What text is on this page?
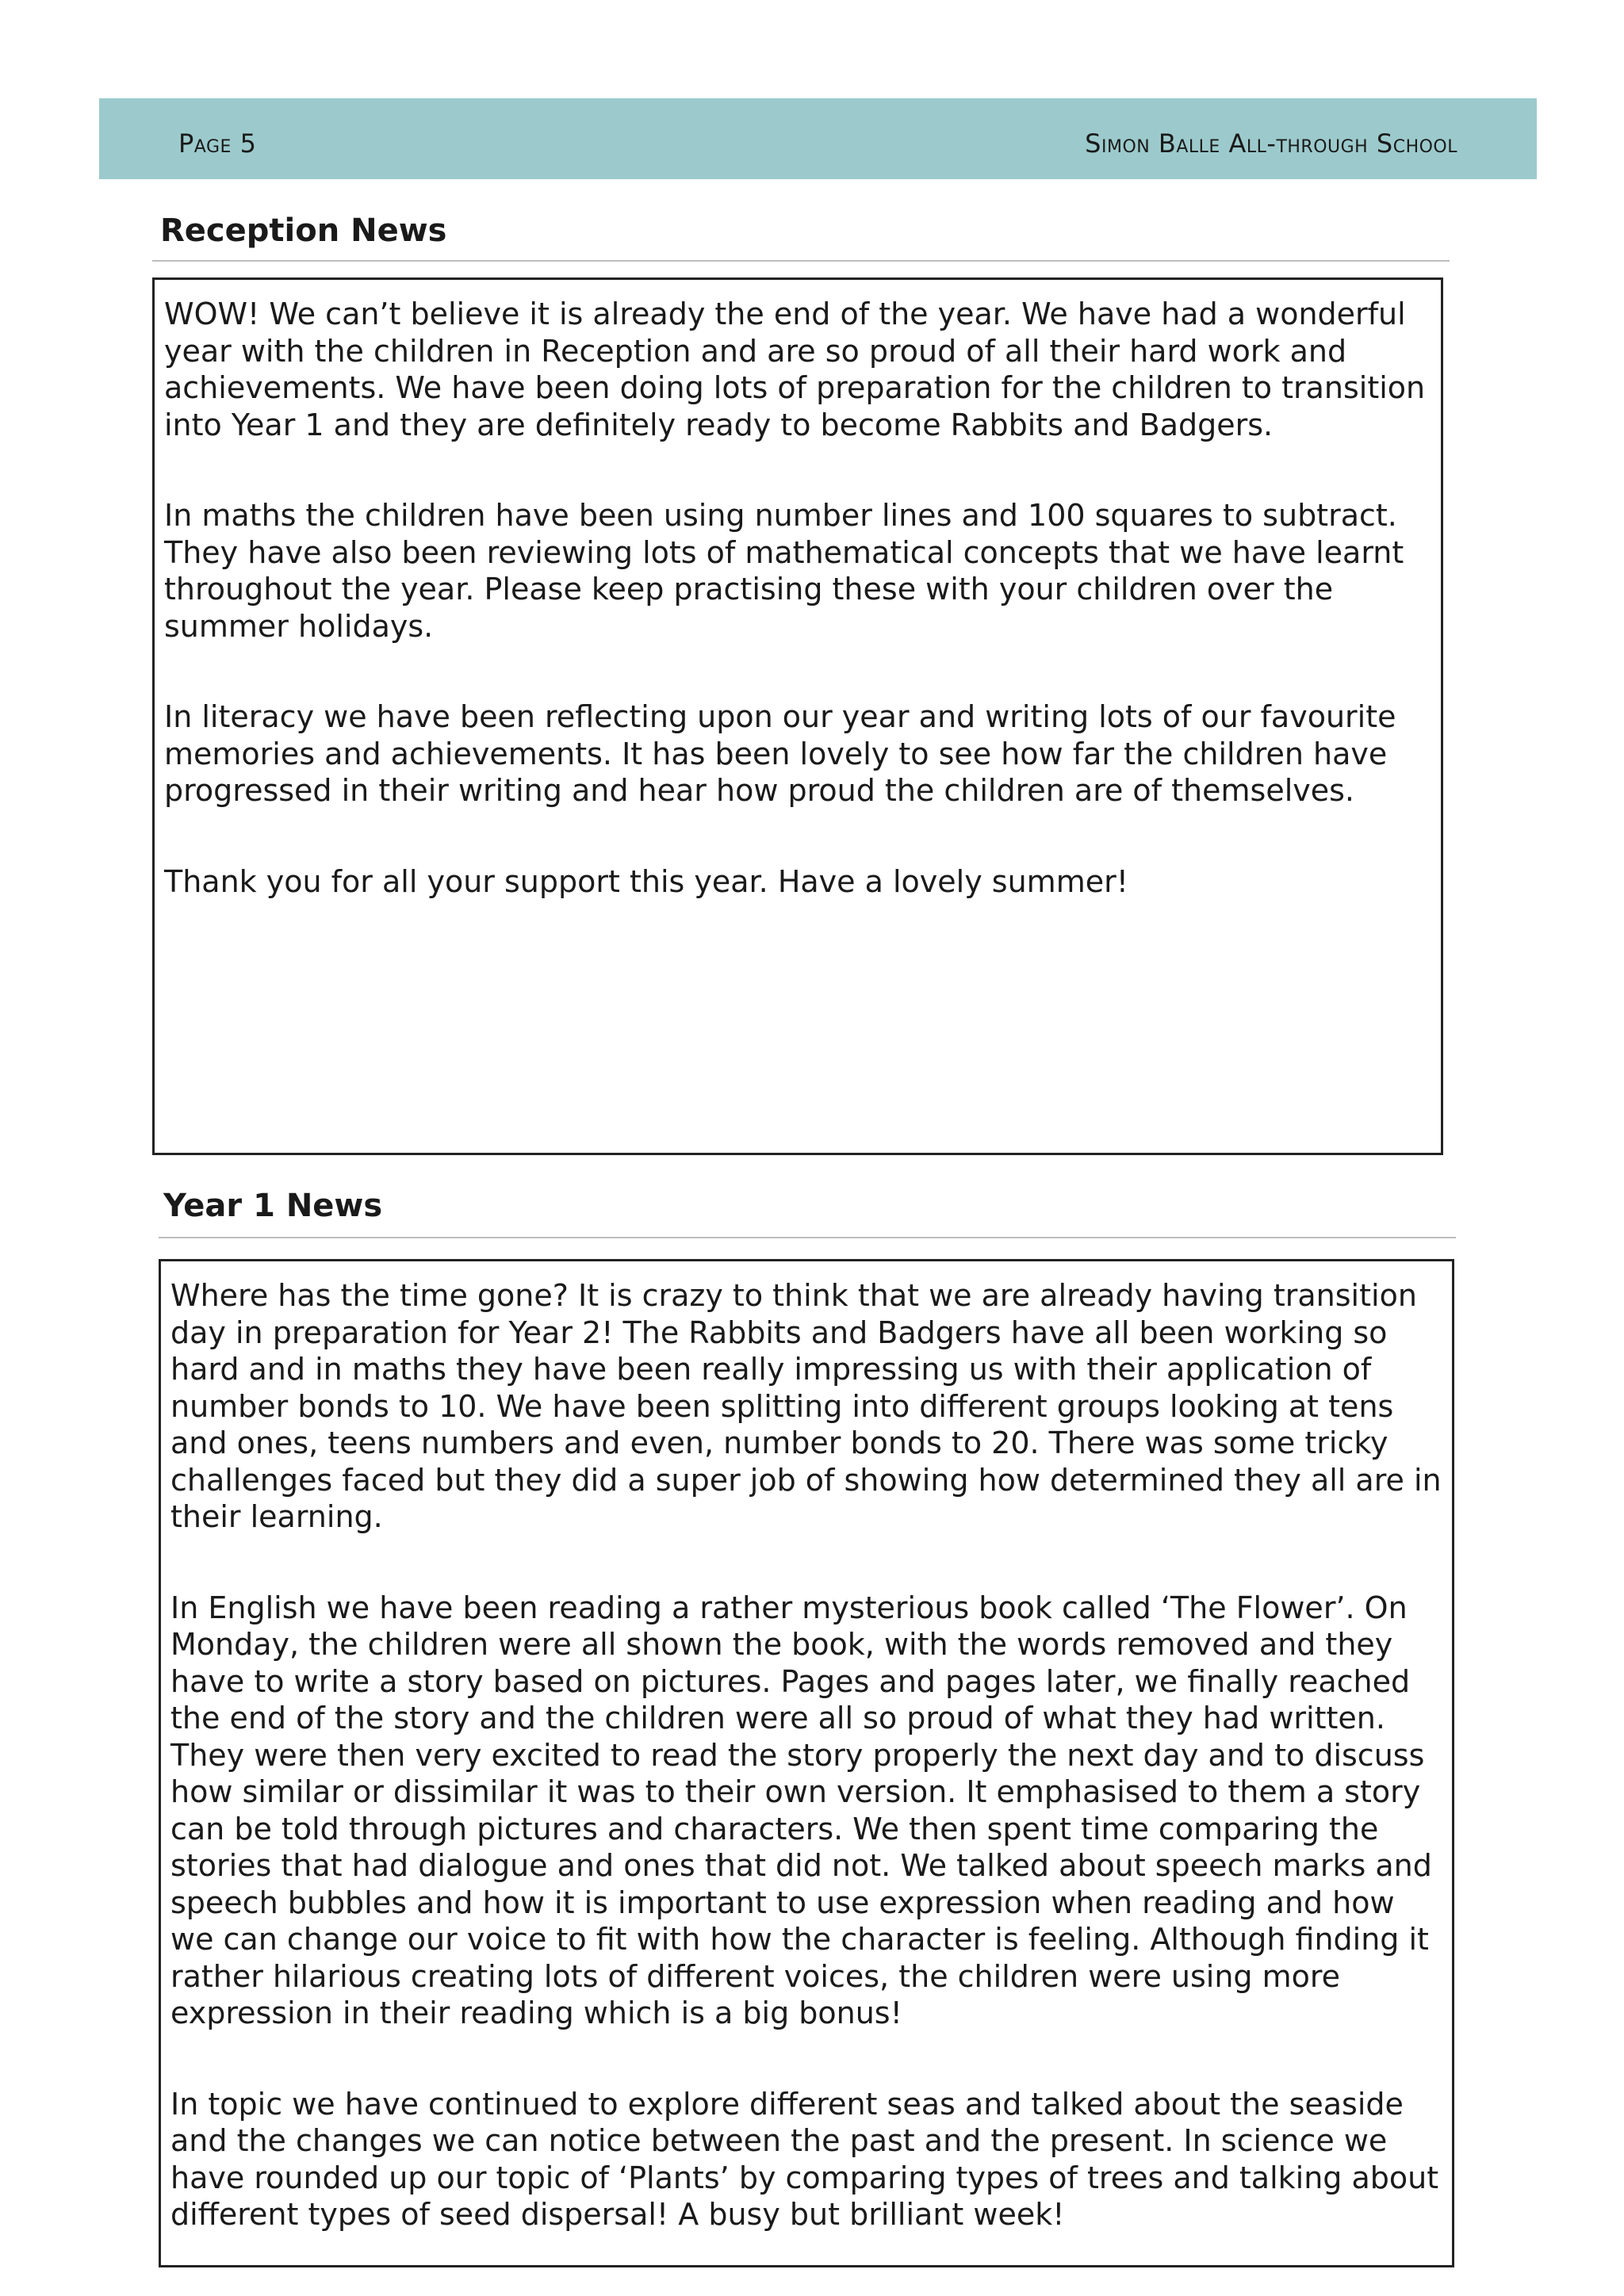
Page 5	Simon Balle All-through School
Reception News

WOW! We can’t believe it is already the end of the year. We have had a wonderful year with the children in Reception and are so proud of all their hard work and achievements. We have been doing lots of preparation for the children to transition into Year 1 and they are definitely ready to become Rabbits and Badgers.

In maths the children have been using number lines and 100 squares to subtract. They have also been reviewing lots of mathematical concepts that we have learnt throughout the year. Please keep practising these with your children over the summer holidays.

In literacy we have been reflecting upon our year and writing lots of our favourite memories and achievements. It has been lovely to see how far the children have progressed in their writing and hear how proud the children are of themselves.

Thank you for all your support this year. Have a lovely summer!

Year 1 News

Where has the time gone? It is crazy to think that we are already having transition day in preparation for Year 2! The Rabbits and Badgers have all been working so hard and in maths they have been really impressing us with their application of number bonds to 10. We have been splitting into different groups looking at tens and ones, teens numbers and even, number bonds to 20. There was some tricky challenges faced but they did a super job of showing how determined they all are in their learning.

In English we have been reading a rather mysterious book called ‘The Flower’. On Monday, the children were all shown the book, with the words removed and they have to write a story based on pictures. Pages and pages later, we finally reached the end of the story and the children were all so proud of what they had written. They were then very excited to read the story properly the next day and to discuss how similar or dissimilar it was to their own version. It emphasised to them a story can be told through pictures and characters. We then spent time comparing the stories that had dialogue and ones that did not. We talked about speech marks and speech bubbles and how it is important to use expression when reading and how we can change our voice to fit with how the character is feeling. Although finding it rather hilarious creating lots of different voices, the children were using more expression in their reading which is a big bonus!

In topic we have continued to explore different seas and talked about the seaside and the changes we can notice between the past and the present. In science we have rounded up our topic of ‘Plants’ by comparing types of trees and talking about different types of seed dispersal! A busy but brilliant week!
